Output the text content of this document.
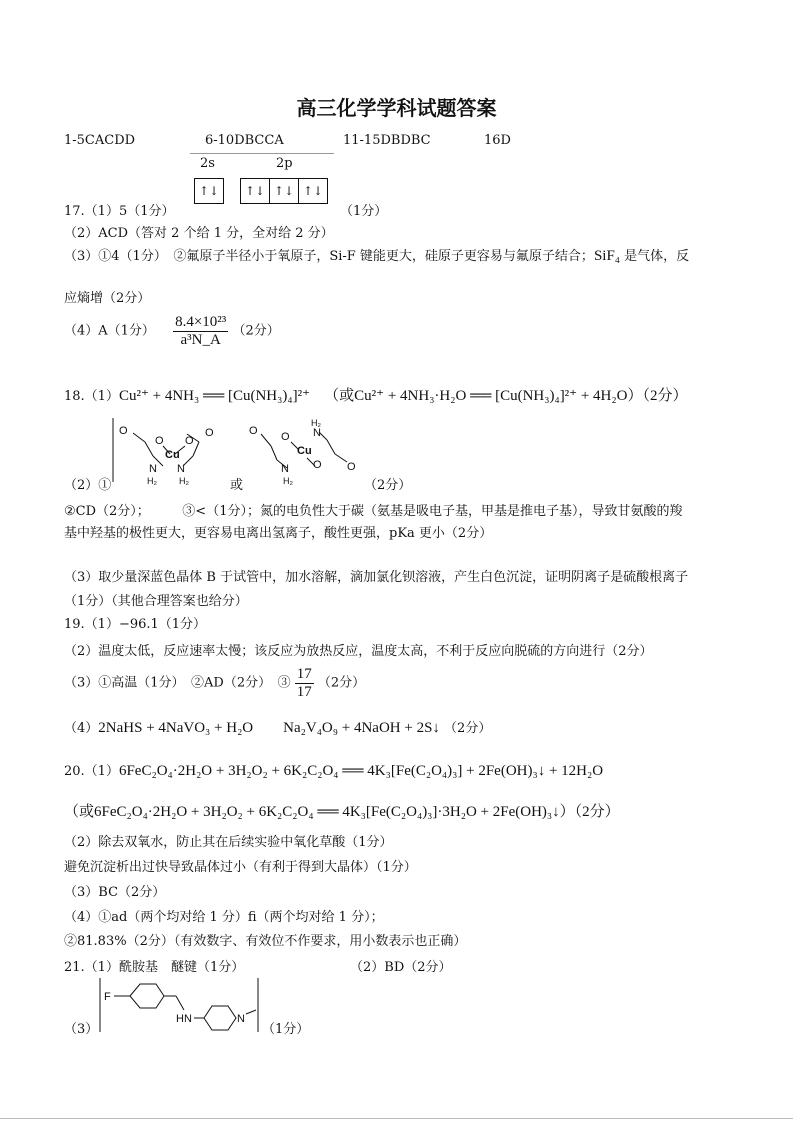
高三化学学科试题答案
1-5CACDD	6-10DBCCA	11-15DBDBC	16D
2s	2p
↑↓	↑↓ ↑↓ ↑↓
17.（1）5（1分）	（1分）
（2）ACD（答对 2 个给 1 分，全对给 2 分）
（3）①4（1分）　②氟原子半径小于氧原子，Si-F 键能更大，硅原子更容易与氟原子结合；SiF₄ 是气体，反
应熵增（2分）
（4）A（1分） $\frac{\text{8.4×10²³}}{\text{a³N\_A}} (2$分）
18.（1）Cu²⁺ + 4NH₃ ══ [Cu(NH₃)₄]²⁺ （或Cu²⁺ + 4NH₃·H₂O ══ [Cu(NH₃)₄]²⁺ + 4H₂O）（2分）
O
O O
O
Cu
N N
H₂ H₂
O O N
Cu
N O O
H₂
H₂
（2）①	或	（2分）
②CD（2分）；　　　③<（1分）；氮的电负性大于碳（氨基是吸电子基，甲基是推电子基），导致甘氨酸的羧
基中羟基的极性更大，更容易电离出氢离子，酸性更强，pKa 更小（2分）
（3）取少量深蓝色晶体 B 于试管中，加水溶解，滴加氯化钡溶液，产生白色沉淀，证明阴离子是硫酸根离子
（1分）（其他合理答案也给分）
19.（1）−96.1（1分）
（2）温度太低，反应速率太慢；该反应为放热反应，温度太高，不利于反应向脱硫的方向进行（2分）
（3）①高温（1分）　②AD（2分）　③ $\frac{17}{17} (2$分）
（4）2NaHS + 4NaVO₃ + H₂O　　Na₂V₄O₉ + 4NaOH + 2S↓ （2分）
20.（1）6FeC₂O₄·2H₂O + 3H₂O₂ + 6K₂C₂O₄ ══ 4K₃[Fe(C₂O₄)₃] + 2Fe(OH)₃↓ + 12H₂O
（或6FeC₂O₄·2H₂O + 3H₂O₂ + 6K₂C₂O₄ ══ 4K₃[Fe(C₂O₄)₃]·3H₂O + 2Fe(OH)₃↓）（2分）
（2）除去双氧水，防止其在后续实验中氧化草酸（1分）
避免沉淀析出过快导致晶体过小（有利于得到大晶体）（1分）
（3）BC（2分）
（4）①ad（两个均对给 1 分）fi（两个均对给 1 分）；
②81.83%（2分）（有效数字、有效位不作要求，用小数表示也正确）
21.（1）酰胺基　醚键（1分）	（2）BD（2分）
（3）
F
HN	N
（1分）
